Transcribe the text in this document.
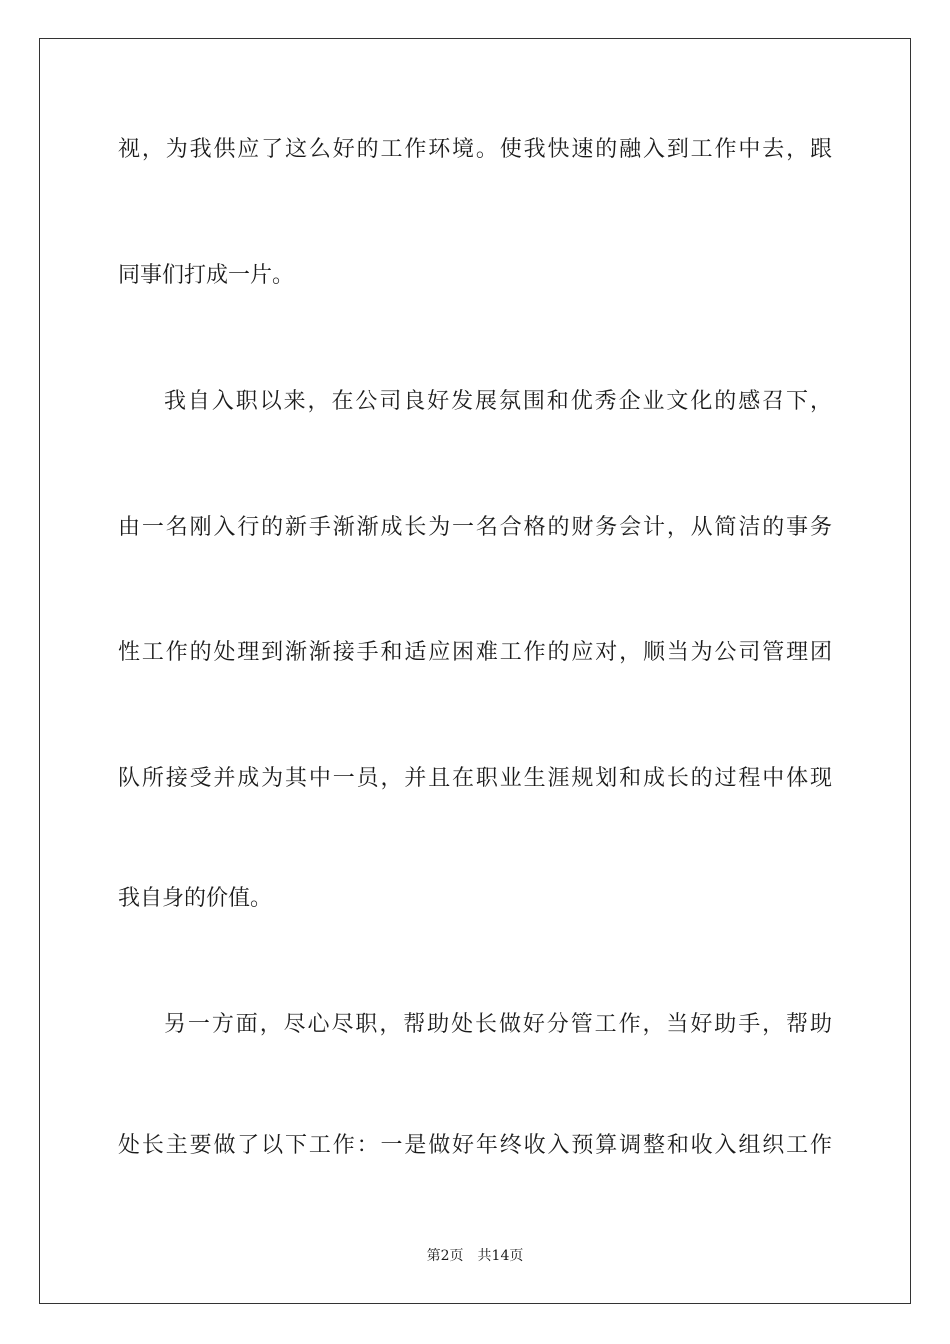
视，为我供应了这么好的工作环境。使我快速的融入到工作中去，跟
同事们打成一片。
我自入职以来，在公司良好发展氛围和优秀企业文化的感召下，
由一名刚入行的新手渐渐成长为一名合格的财务会计，从简洁的事务
性工作的处理到渐渐接手和适应困难工作的应对，顺当为公司管理团
队所接受并成为其中一员，并且在职业生涯规划和成长的过程中体现
我自身的价值。
另一方面，尽心尽职，帮助处长做好分管工作，当好助手，帮助
处长主要做了以下工作：一是做好年终收入预算调整和收入组织工作
第2页 共14页
